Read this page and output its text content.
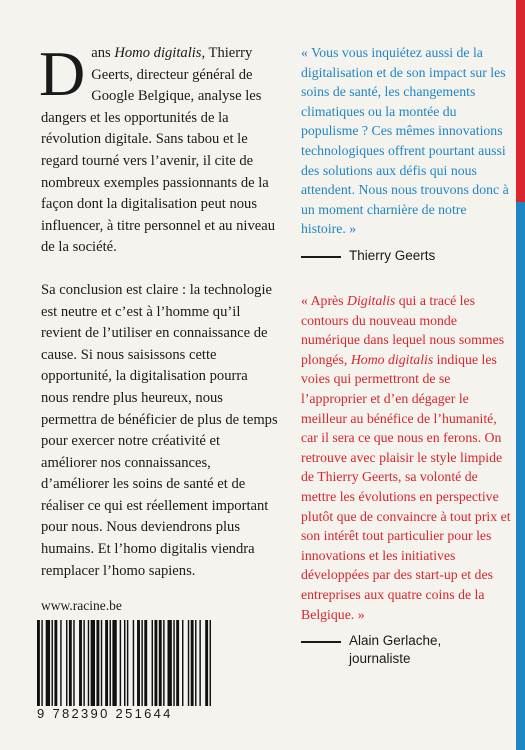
Dans Homo digitalis, Thierry Geerts, directeur général de Google Belgique, analyse les dangers et les opportunités de la révolution digitale. Sans tabou et le regard tourné vers l’avenir, il cite de nombreux exemples passionnants de la façon dont la digitalisation peut nous influencer, à titre personnel et au niveau de la société.

Sa conclusion est claire : la technologie est neutre et c’est à l’homme qu’il revient de l’utiliser en connaissance de cause. Si nous saisissons cette opportunité, la digitalisation pourra nous rendre plus heureux, nous permettra de bénéficier de plus de temps pour exercer notre créativité et améliorer nos connaissances, d’améliorer les soins de santé et de réaliser ce qui est réellement important pour nous. Nous deviendrons plus humains. Et l’homo digitalis viendra remplacer l’homo sapiens.

« Vous vous inquiétez aussi de la digitalisation et de son impact sur les soins de santé, les changements climatiques ou la montée du populisme ? Ces mêmes innovations technologiques offrent pourtant aussi des solutions aux défis qui nous attendent. Nous nous trouvons donc à un moment charnière de notre histoire. »

Thierry Geerts

« Après Digitalis qui a tracé les contours du nouveau monde numérique dans lequel nous sommes plongés, Homo digitalis indique les voies qui permettront de se l’approprier et d’en dégager le meilleur au bénéfice de l’humanité, car il sera ce que nous en ferons. On retrouve avec plaisir le style limpide de Thierry Geerts, sa volonté de mettre les évolutions en perspective plutôt que de convaincre à tout prix et son intérêt tout particulier pour les innovations et les initiatives développées par des start-up et des entreprises aux quatre coins de la Belgique. »

Alain Gerlache,
journaliste
www.racine.be
9 782390 251644
